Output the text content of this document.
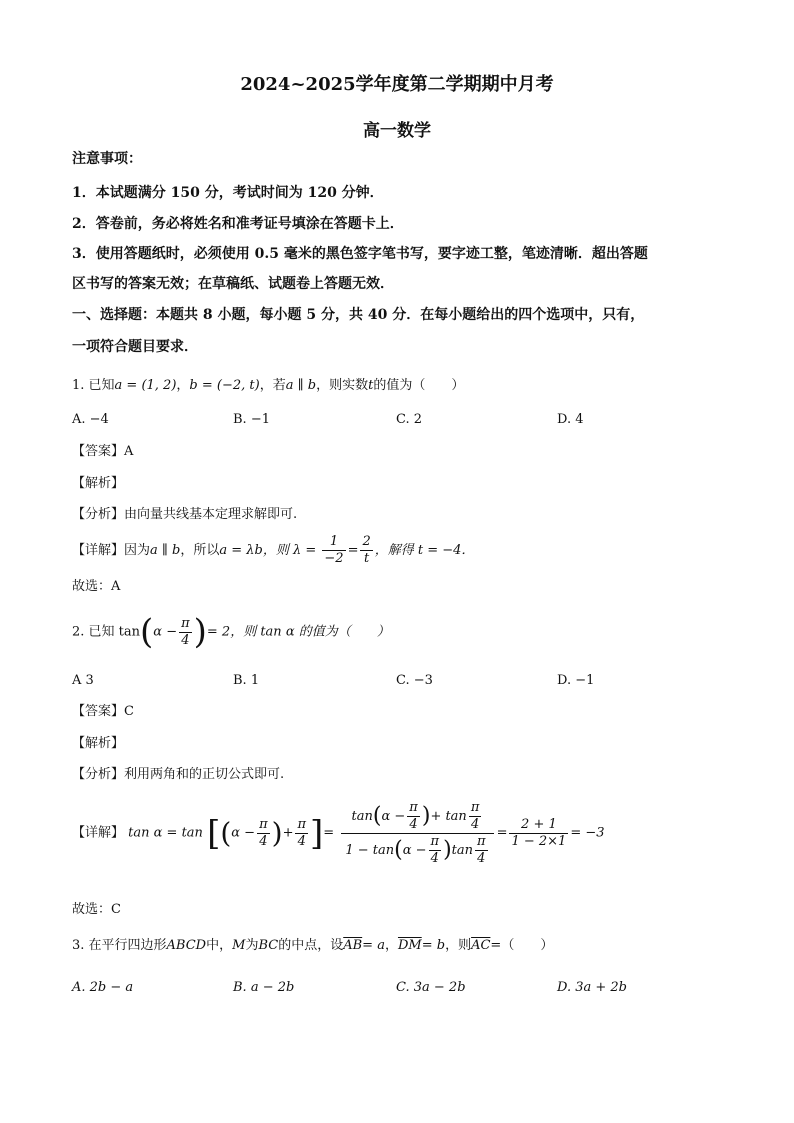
2024~2025学年度第二学期期中月考
高一数学
注意事项：
1．本试题满分 150 分，考试时间为 120 分钟．
2．答卷前，务必将姓名和准考证号填涂在答题卡上．
3．使用答题纸时，必须使用 0.5 毫米的黑色签字笔书写，要字迹工整，笔迹清晰．超出答题
区书写的答案无效；在草稿纸、试题卷上答题无效．
一、选择题：本题共 8 小题，每小题 5 分，共 40 分．在每小题给出的四个选项中，只有，
一项符合题目要求．
1. 已知a = (1, 2)，b = (−2, t)，若a ∥ b，则实数t的值为（　　）
A. −4	B. −1	C. 2	D. 4
【答案】A
【解析】
【分析】由向量共线基本定理求解即可.
【详解】因为a ∥ b，所以a = λb，则 $\lambda = \frac{1}{-2} = \frac{2}{t}$ ，解得 t = −4．
故选：A
2. 已知 $\tan(\alpha - \frac{\pi}{4}$ )= 2，则 tan α 的值为（　　）
A 3	B. 1	C. −3	D. −1
【答案】C
【解析】
【分析】利用两角和的正切公式即可.
【详解】 $\tan \alpha = \tan [(\alpha - \frac{\pi}{4}$ )+ $\frac{\pi}{4}$ ]= $\frac{\tan(\alpha - \frac{\pi}{4} )+ \tan \frac{\pi}{4}}{1 - \tan(\alpha - \frac{\pi}{4} )\tan \frac{\pi}{4}} = \frac{2 + 1}{1 - 2\times 1} = -3$
故选：C
3. 在平行四边形ABCD中，M为BC的中点，设$\overline{AB}= a$，$\overline{DM}= b$，则$\overline{AC}=$（　　）
A. 2b − a	B. a − 2b	C. 3a − 2b	D. 3a + 2b
